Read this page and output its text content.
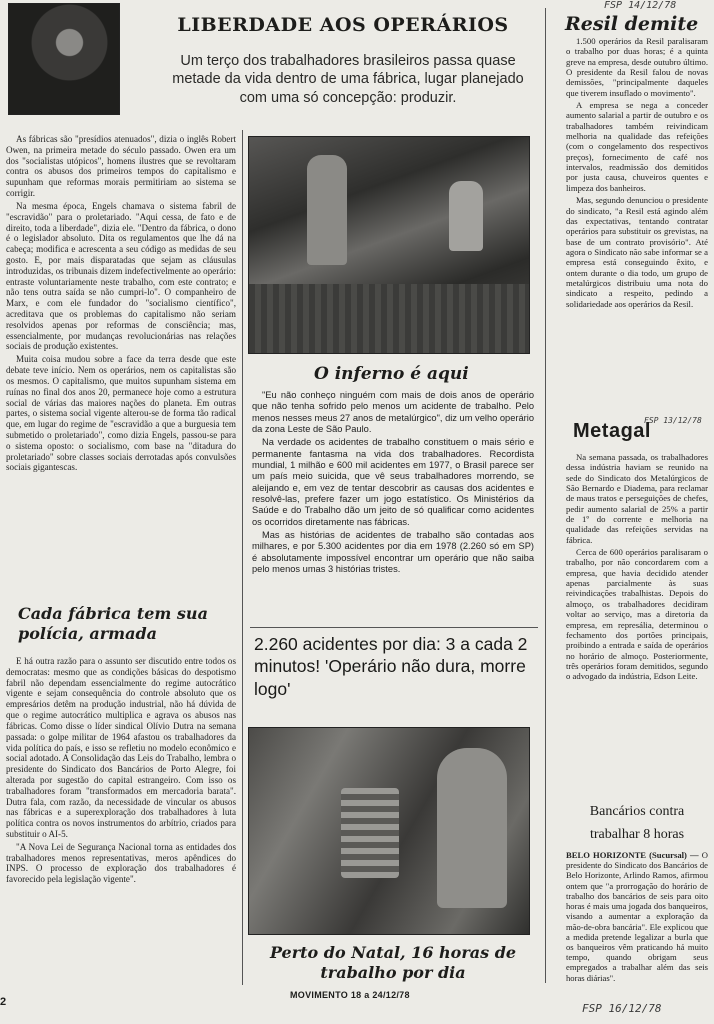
FSP 14/12/78
LIBERDADE AOS OPERÁRIOS
Um terço dos trabalhadores brasileiros passa quase metade da vida dentro de uma fábrica, lugar planejado com uma só concepção: produzir.
Resil demite

As fábricas são "presídios atenuados", dizia o inglês Robert Owen, na primeira metade do século passado. Owen era um dos "socialistas utópicos", homens ilustres que se revoltaram contra os abusos dos primeiros tempos do capitalismo e supunham que reformas morais permitiriam ao sistema se corrigir.

Na mesma época, Engels chamava o sistema fabril de "escravidão" para o proletariado. "Aqui cessa, de fato e de direito, toda a liberdade", dizia ele. "Dentro da fábrica, o dono é o legislador absoluto. Dita os regulamentos que lhe dá na cabeça; modifica e acrescenta a seu código as medidas de seu gosto. E, por mais disparatadas que sejam as cláusulas introduzidas, os tribunais dizem indefectivelmente ao operário: entraste voluntariamente neste trabalho, com este contrato; e não tens outra saída se não cumpri-lo". O companheiro de Marx, e com ele fundador do "socialismo científico", acreditava que os problemas do capitalismo não seriam resolvidos apenas por reformas de consciência; mas, essencialmente, por mudanças revolucionárias nas relações sociais de produção existentes.

Muita coisa mudou sobre a face da terra desde que este debate teve início. Nem os operários, nem os capitalistas são os mesmos. O capitalismo, que muitos supunham sistema em ruínas no final dos anos 20, permanece hoje como a estrutura social de várias das maiores nações do planeta. Em outras partes, o sistema social vigente alterou-se de forma tão radical que, em lugar do regime de "escravidão a que a burguesia tem submetido o proletariado", como dizia Engels, passou-se para o sistema oposto: o socialismo, com base na "ditadura do proletariado" sobre classes sociais derrotadas após convulsões sociais gigantescas.

Cada fábrica tem sua polícia, armada

E há outra razão para o assunto ser discutido entre todos os democratas: mesmo que as condições básicas do despotismo fabril não dependam essencialmente do regime autocrático vigente e sejam consequência do controle absoluto que os empresários detêm na produção industrial, não há dúvida de que o regime autocrático multiplica e agrava os abusos nas fábricas. Como disse o líder sindical Olívio Dutra na semana passada: o golpe militar de 1964 afastou os trabalhadores da vida política do país, e isso se refletiu no modelo econômico e social adotado. A Consolidação das Leis do Trabalho, lembra o presidente do Sindicato dos Bancários de Porto Alegre, foi alterada por sugestão do capital estrangeiro. Com isso os trabalhadores foram "transformados em mercadoria barata". Dutra fala, com razão, da necessidade de vincular os abusos nas fábricas e a superexploração dos trabalhadores à luta política contra os novos instrumentos do arbítrio, criados para substituir o AI-5.

"A Nova Lei de Segurança Nacional torna as entidades dos trabalhadores menos representativas, meros apêndices do INPS. O processo de exploração dos trabalhadores é favorecido pela legislação vigente".

O inferno é aqui

"Eu não conheço ninguém com mais de dois anos de operário que não tenha sofrido pelo menos um acidente de trabalho. Pelo menos nesses meus 27 anos de metalúrgico", diz um velho operário da zona Leste de São Paulo.

Na verdade os acidentes de trabalho constituem o mais sério e permanente fantasma na vida dos trabalhadores. Recordista mundial, 1 milhão e 600 mil acidentes em 1977, o Brasil parece ser um país meio suicida, que vê seus trabalhadores morrendo, se aleijando e, em vez de tentar descobrir as causas dos acidentes e resolvê-las, prefere fazer um jogo estatístico. Os Ministérios da Saúde e do Trabalho dão um jeito de só qualificar como acidentes os ocorridos diretamente nas fábricas.

Mas as histórias de acidentes de trabalho são contadas aos milhares, e por 5.300 acidentes por dia em 1978 (2.260 só em SP) é absolutamente impossível encontrar um operário que não saiba pelo menos umas 3 histórias tristes.

2.260 acidentes por dia: 3 a cada 2 minutos! 'Operário não dura, morre logo'
Perto do Natal, 16 horas de trabalho por dia
MOVIMENTO 18 a 24/12/78
2	FSP 16/12/78

1.500 operários da Resil paralisaram o trabalho por duas horas; é a quinta greve na empresa, desde outubro último. O presidente da Resil falou de novas demissões, "principalmente daqueles que tiverem insuflado o movimento".

A empresa se nega a conceder aumento salarial a partir de outubro e os trabalhadores também reivindicam melhoria na qualidade das refeições (com o congelamento dos respectivos preços), fornecimento de café nos intervalos, readmissão dos demitidos por justa causa, chuveiros quentes e limpeza dos banheiros.

Mas, segundo denunciou o presidente do sindicato, "a Resil está agindo além das expectativas, tentando contratar operários para substituir os grevistas, na base de um contrato provisório". Até agora o Sindicato não sabe informar se a empresa está conseguindo êxito, e ontem durante o dia todo, um grupo de metalúrgicos distribuiu uma nota do sindicato a respeito, pedindo a solidariedade aos operários da Resil.

Metagal
FSP 13/12/78

Na semana passada, os trabalhadores dessa indústria haviam se reunido na sede do Sindicato dos Metalúrgicos de São Bernardo e Diadema, para reclamar de maus tratos e perseguições de chefes, pedir aumento salarial de 25% a partir de 1º do corrente e melhoria na qualidade das refeições servidas na fábrica.

Cerca de 600 operários paralisaram o trabalho, por não concordarem com a empresa, que havia decidido atender apenas parcialmente às suas reivindicações trabalhistas. Depois do almoço, os trabalhadores decidiram voltar ao serviço, mas a diretoria da empresa, em represália, determinou o fechamento dos portões principais, proibindo a entrada e saída de operários no horário de almoço. Posteriormente, três operários foram demitidos, segundo o advogado da indústria, Edson Leite.

Bancários contra trabalhar 8 horas

BELO HORIZONTE (Sucursal) — O presidente do Sindicato dos Bancários de Belo Horizonte, Arlindo Ramos, afirmou ontem que "a prorrogação do horário de trabalho dos bancários de seis para oito horas é mais uma jogada dos banqueiros, visando a aumentar a exploração da mão-de-obra bancária". Ele explicou que a medida pretende legalizar a burla que os banqueiros vêm praticando há muito tempo, quando obrigam seus empregados a trabalhar além das seis horas diárias".
